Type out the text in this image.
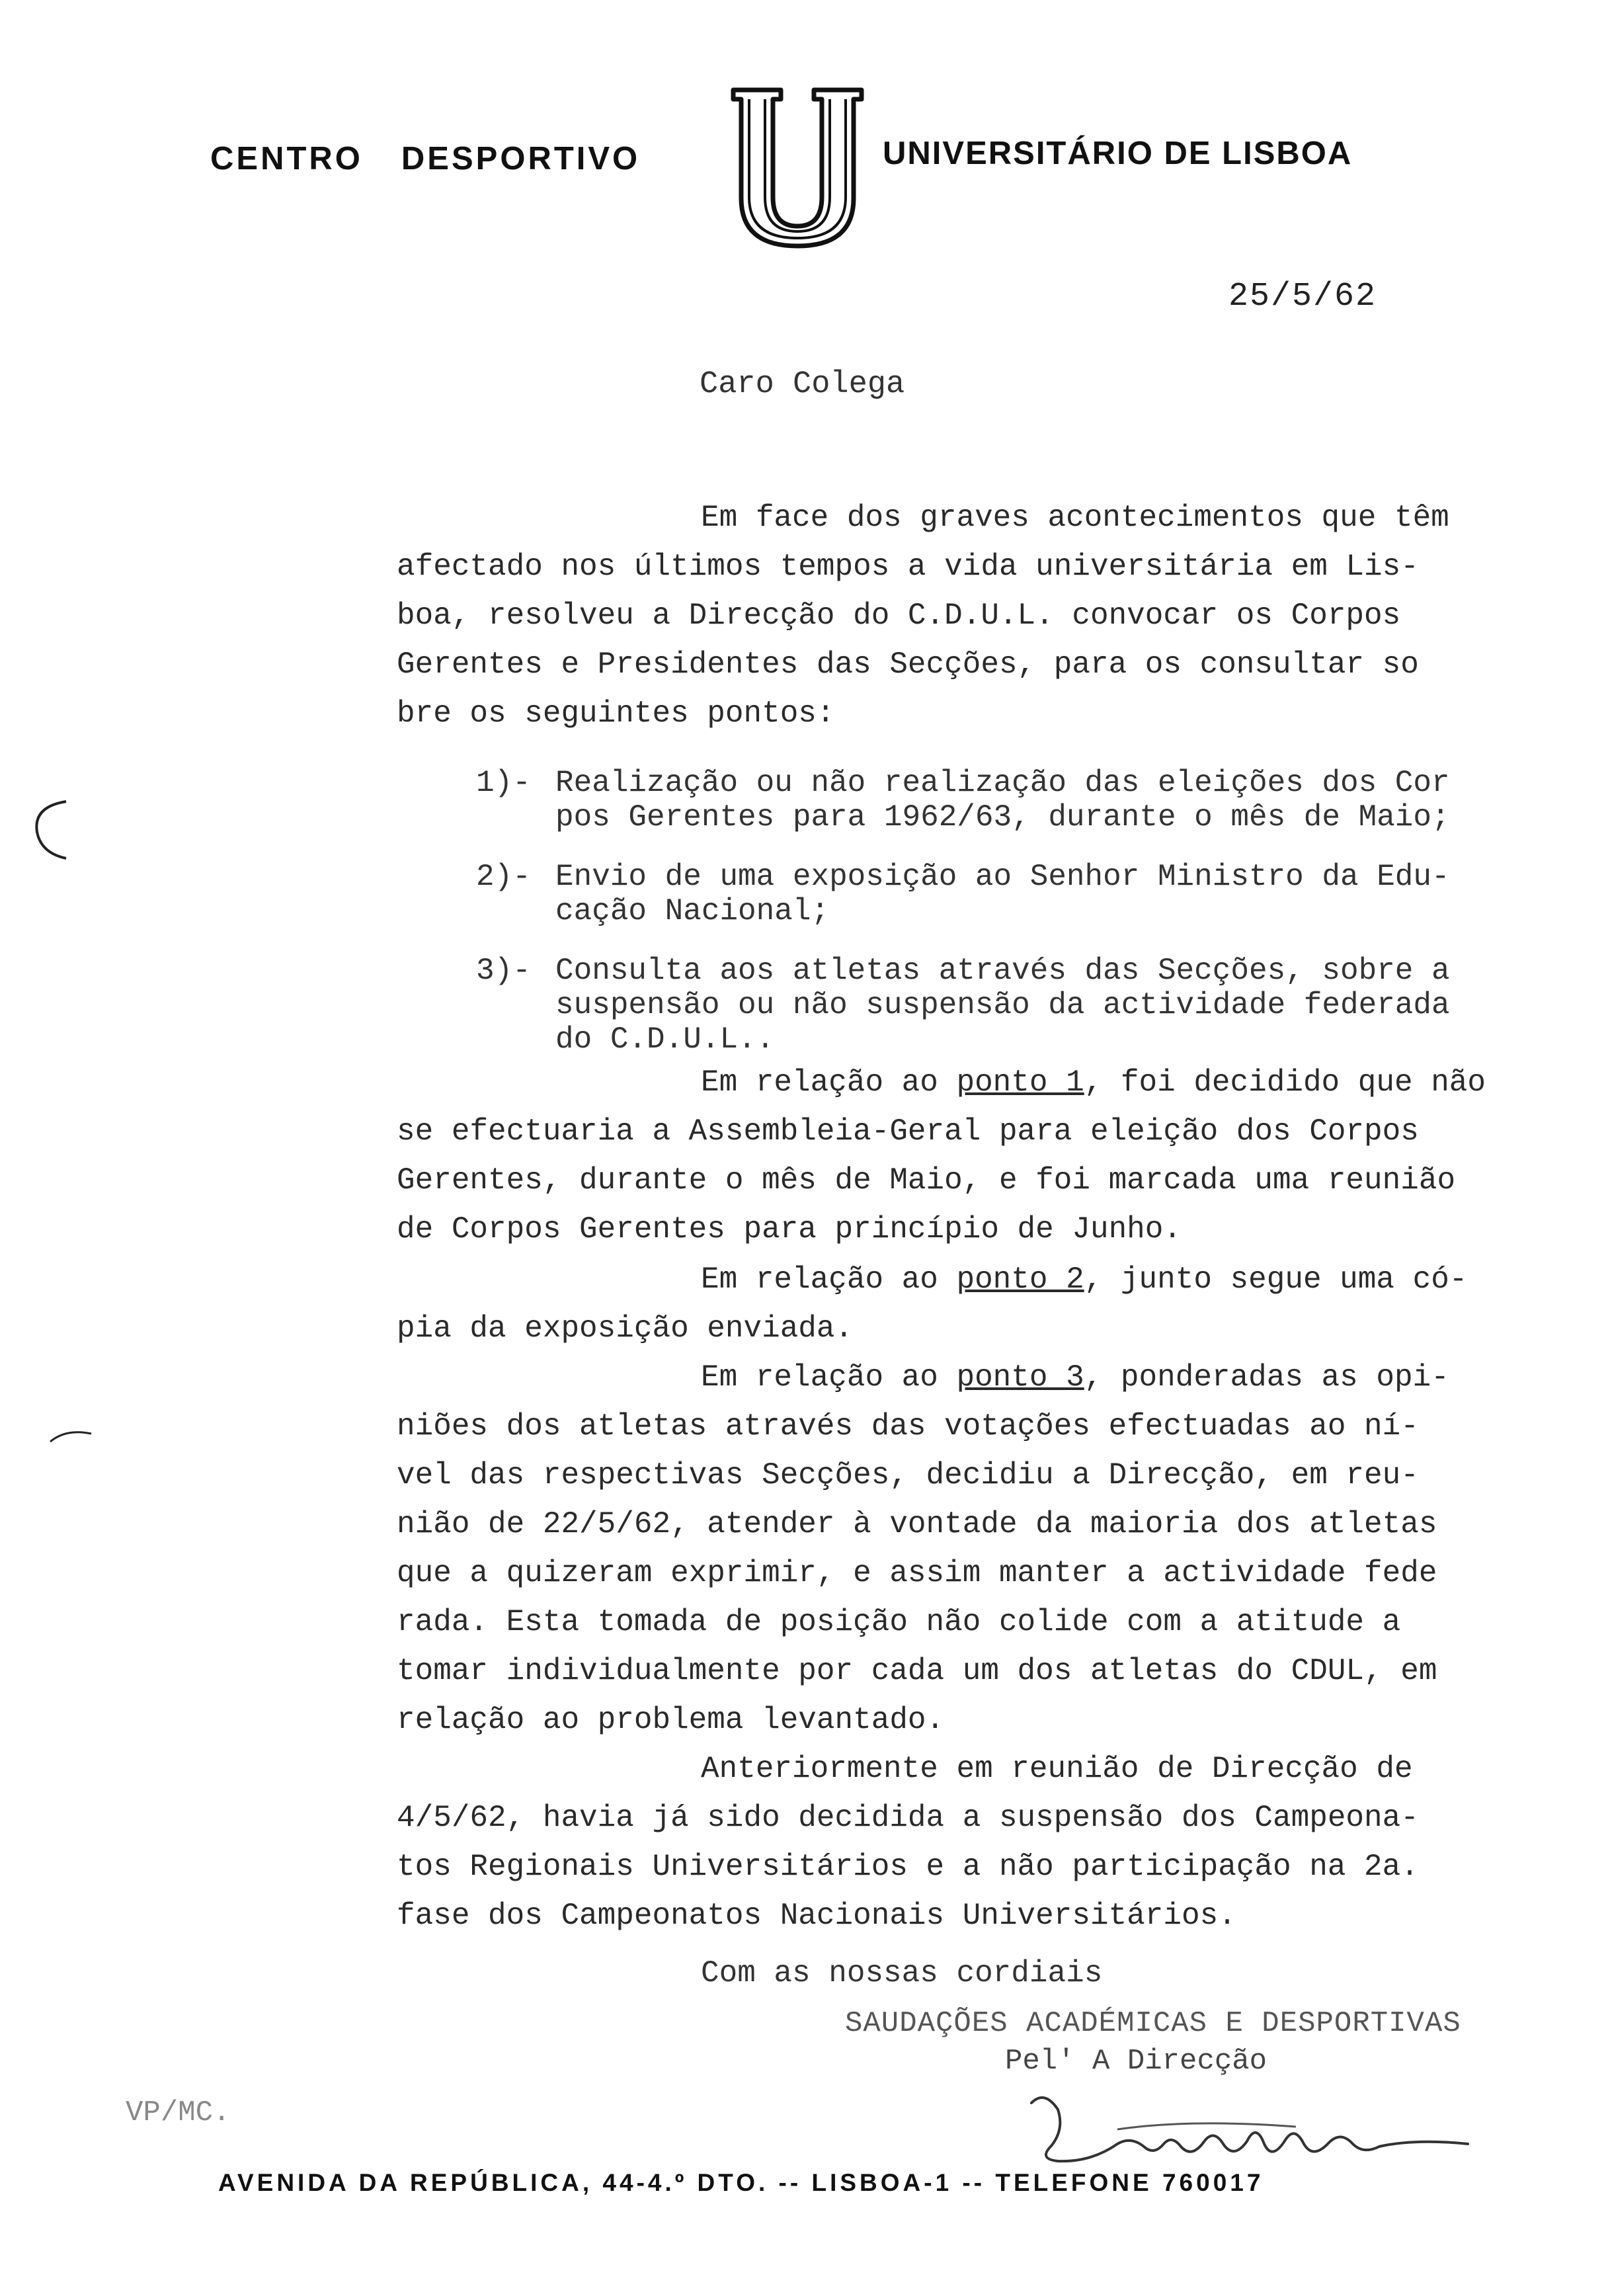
CENTRO DESPORTIVO	UNIVERSITÁRIO DE LISBOA
25/5/62
Caro Colega
Em face dos graves acontecimentos que têm
afectado nos últimos tempos a vida universitária em Lis-
boa, resolveu a Direcção do C.D.U.L. convocar os Corpos
Gerentes e Presidentes das Secções, para os consultar so
bre os seguintes pontos:
1)- Realização ou não realização das eleições dos Cor
pos Gerentes para 1962/63, durante o mês de Maio;
2)- Envio de uma exposição ao Senhor Ministro da Edu-
cação Nacional;
3)- Consulta aos atletas através das Secções, sobre a
suspensão ou não suspensão da actividade federada
do C.D.U.L..
Em relação ao ponto 1, foi decidido que não
se efectuaria a Assembleia-Geral para eleição dos Corpos
Gerentes, durante o mês de Maio, e foi marcada uma reunião
de Corpos Gerentes para princípio de Junho.
Em relação ao ponto 2, junto segue uma có-
pia da exposição enviada.
Em relação ao ponto 3, ponderadas as opi-
niões dos atletas através das votações efectuadas ao ní-
vel das respectivas Secções, decidiu a Direcção, em reu-
nião de 22/5/62, atender à vontade da maioria dos atletas
que a quizeram exprimir, e assim manter a actividade fede
rada. Esta tomada de posição não colide com a atitude a
tomar individualmente por cada um dos atletas do CDUL, em
relação ao problema levantado.
Anteriormente em reunião de Direcção de
4/5/62, havia já sido decidida a suspensão dos Campeona-
tos Regionais Universitários e a não participação na 2a.
fase dos Campeonatos Nacionais Universitários.
Com as nossas cordiais
SAUDAÇÕES ACADÉMICAS E DESPORTIVAS
Pel' A Direcção
VP/MC.
AVENIDA DA REPÚBLICA, 44-4.º DTO. -- LISBOA-1 -- TELEFONE 760017
